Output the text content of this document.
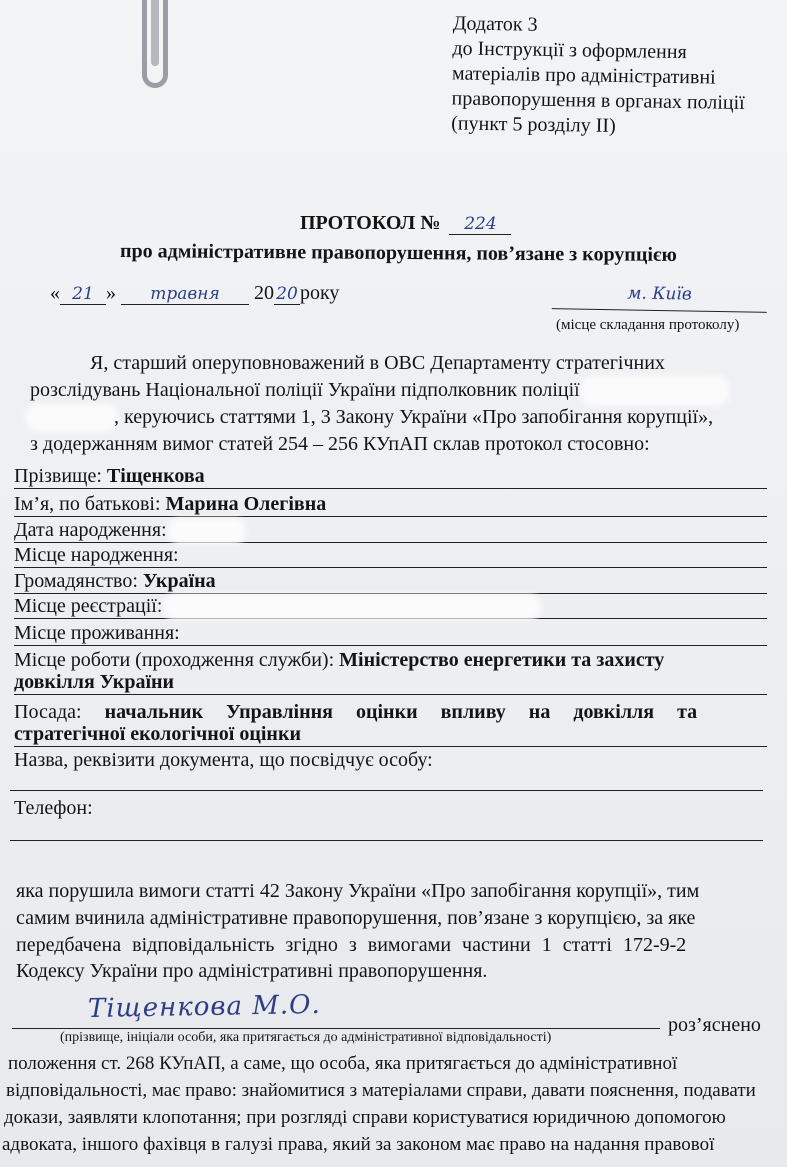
Додаток 3
до Інструкції з оформлення
матеріалів про адміністративні
правопорушення в органах поліції
(пункт 5 розділу ІІ)
ПРОТОКОЛ № 224
про адміністративне правопорушення, пов’язане з корупцією
« 21 » травня 20 20 року	м. Київ
(місце складання протоколу)
Я, старший оперуповноважений в ОВС Департаменту стратегічних
розслідувань Національної поліції України підполковник поліції
, керуючись статтями 1, 3 Закону України «Про запобігання корупції»,
з додержанням вимог статей 254 – 256 КУпАП склав протокол стосовно:
Прізвище: Тіщенкова
Ім’я, по батькові: Марина Олегівна
Дата народження:
Місце народження:
Громадянство: Україна
Місце реєстрації:
Місце проживання:
Місце роботи (проходження служби): Міністерство енергетики та захисту
довкілля України
Посада: начальник Управління оцінки впливу на довкілля та
стратегічної екологічної оцінки
Назва, реквізити документа, що посвідчує особу:
Телефон:
яка порушила вимоги статті 42 Закону України «Про запобігання корупції», тим
самим вчинила адміністративне правопорушення, пов’язане з корупцією, за яке
передбачена відповідальність згідно з вимогами частини 1 статті 172-9-2
Кодексу України про адміністративні правопорушення.
Тіщенкова М.О.
роз’яснено
(прізвище, ініціали особи, яка притягається до адміністративної відповідальності)
положення ст. 268 КУпАП, а саме, що особа, яка притягається до адміністративної
відповідальності, має право: знайомитися з матеріалами справи, давати пояснення, подавати
докази, заявляти клопотання; при розгляді справи користуватися юридичною допомогою
адвоката, іншого фахівця в галузі права, який за законом має право на надання правової
